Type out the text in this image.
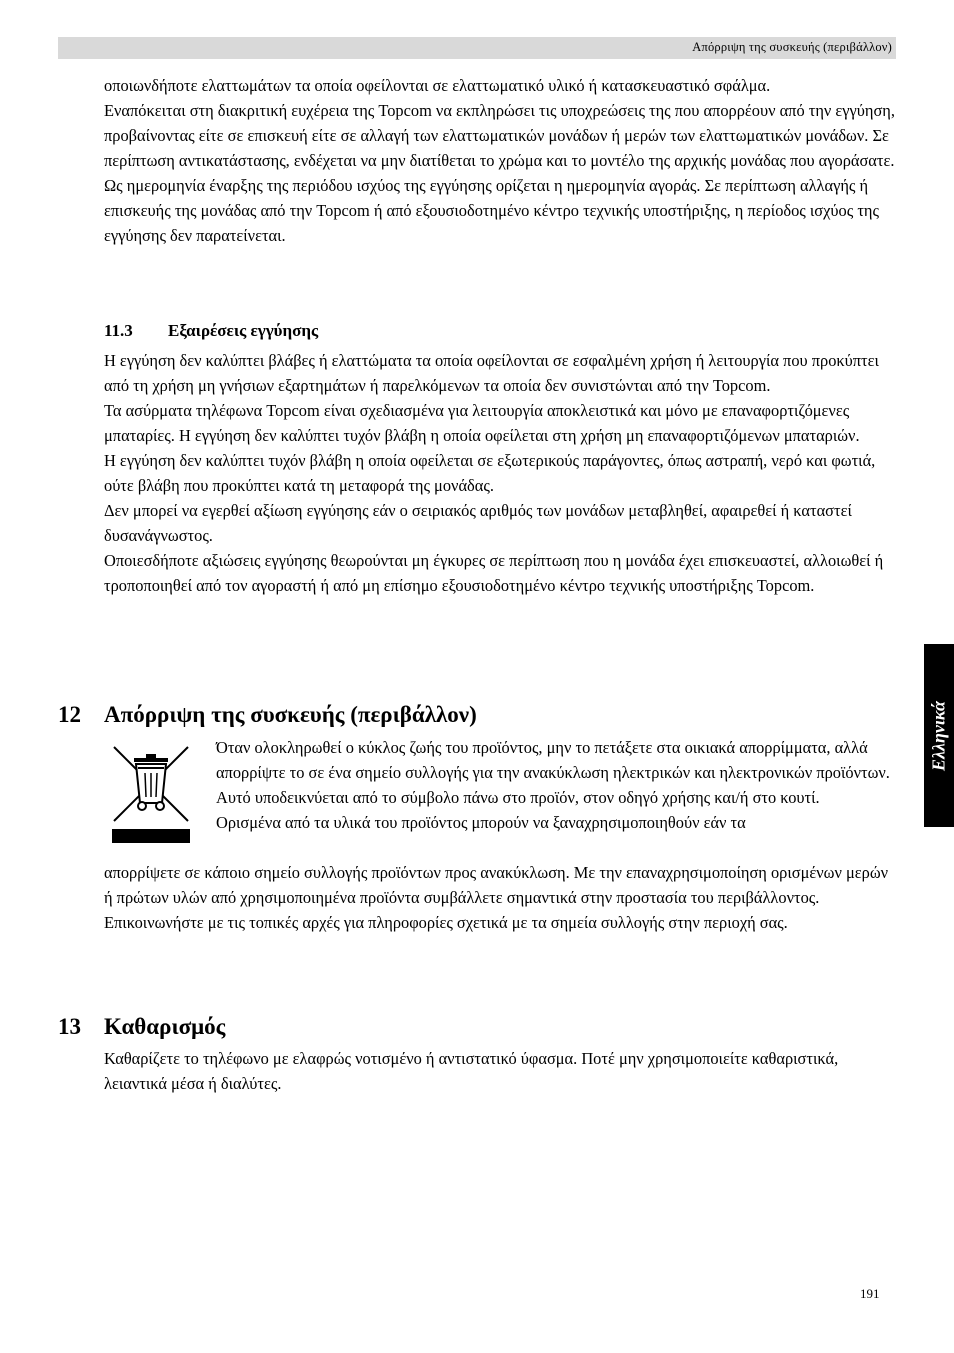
Απόρριψη της συσκευής (περιβάλλον)

οποιωνδήποτε ελαττωμάτων τα οποία οφείλονται σε ελαττωματικό υλικό ή κατασκευαστικό σφάλμα.

Εναπόκειται στη διακριτική ευχέρεια της Topcom να εκπληρώσει τις υποχρεώσεις της που απορρέουν από την εγγύηση, προβαίνοντας είτε σε επισκευή είτε σε αλλαγή των ελαττωματικών μονάδων ή μερών των ελαττωματικών μονάδων. Σε περίπτωση αντικατάστασης, ενδέχεται να μην διατίθεται το χρώμα και το μοντέλο της αρχικής μονάδας που αγοράσατε.

Ως ημερομηνία έναρξης της περιόδου ισχύος της εγγύησης ορίζεται η ημερομηνία αγοράς. Σε περίπτωση αλλαγής ή επισκευής της μονάδας από την Topcom ή από εξουσιοδοτημένο κέντρο τεχνικής υποστήριξης, η περίοδος ισχύος της εγγύησης δεν παρατείνεται.

11.3 Εξαιρέσεις εγγύησης

Η εγγύηση δεν καλύπτει βλάβες ή ελαττώματα τα οποία οφείλονται σε εσφαλμένη χρήση ή λειτουργία που προκύπτει από τη χρήση μη γνήσιων εξαρτημάτων ή παρελκόμενων τα οποία δεν συνιστώνται από την Topcom.

Τα ασύρματα τηλέφωνα Topcom είναι σχεδιασμένα για λειτουργία αποκλειστικά και μόνο με επαναφορτιζόμενες μπαταρίες. Η εγγύηση δεν καλύπτει τυχόν βλάβη η οποία οφείλεται στη χρήση μη επαναφορτιζόμενων μπαταριών.

Η εγγύηση δεν καλύπτει τυχόν βλάβη η οποία οφείλεται σε εξωτερικούς παράγοντες, όπως αστραπή, νερό και φωτιά, ούτε βλάβη που προκύπτει κατά τη μεταφορά της μονάδας.

Δεν μπορεί να εγερθεί αξίωση εγγύησης εάν ο σειριακός αριθμός των μονάδων μεταβληθεί, αφαιρεθεί ή καταστεί δυσανάγνωστος.

Οποιεσδήποτε αξιώσεις εγγύησης θεωρούνται μη έγκυρες σε περίπτωση που η μονάδα έχει επισκευαστεί, αλλοιωθεί ή τροποποιηθεί από τον αγοραστή ή από μη επίσημο εξουσιοδοτημένο κέντρο τεχνικής υποστήριξης Topcom.

12 Απόρριψη της συσκευής (περιβάλλον)

Όταν ολοκληρωθεί ο κύκλος ζωής του προϊόντος, μην το πετάξετε στα οικιακά απορρίμματα, αλλά απορρίψτε το σε ένα σημείο συλλογής για την ανακύκλωση ηλεκτρικών και ηλεκτρονικών προϊόντων. Αυτό υποδεικνύεται από το σύμβολο πάνω στο προϊόν, στον οδηγό χρήσης και/ή στο κουτί.

Ορισμένα από τα υλικά του προϊόντος μπορούν να ξαναχρησιμοποιηθούν εάν τα

απορρίψετε σε κάποιο σημείο συλλογής προϊόντων προς ανακύκλωση. Με την επαναχρησιμοποίηση ορισμένων μερών ή πρώτων υλών από χρησιμοποιημένα προϊόντα συμβάλλετε σημαντικά στην προστασία του περιβάλλοντος.

Επικοινωνήστε με τις τοπικές αρχές για πληροφορίες σχετικά με τα σημεία συλλογής στην περιοχή σας.

13 Καθαρισμός

Καθαρίζετε το τηλέφωνο με ελαφρώς νοτισμένο ή αντιστατικό ύφασμα. Ποτέ μην χρησιμοποιείτε καθαριστικά, λειαντικά μέσα ή διαλύτες.

Ελληνικά
191
